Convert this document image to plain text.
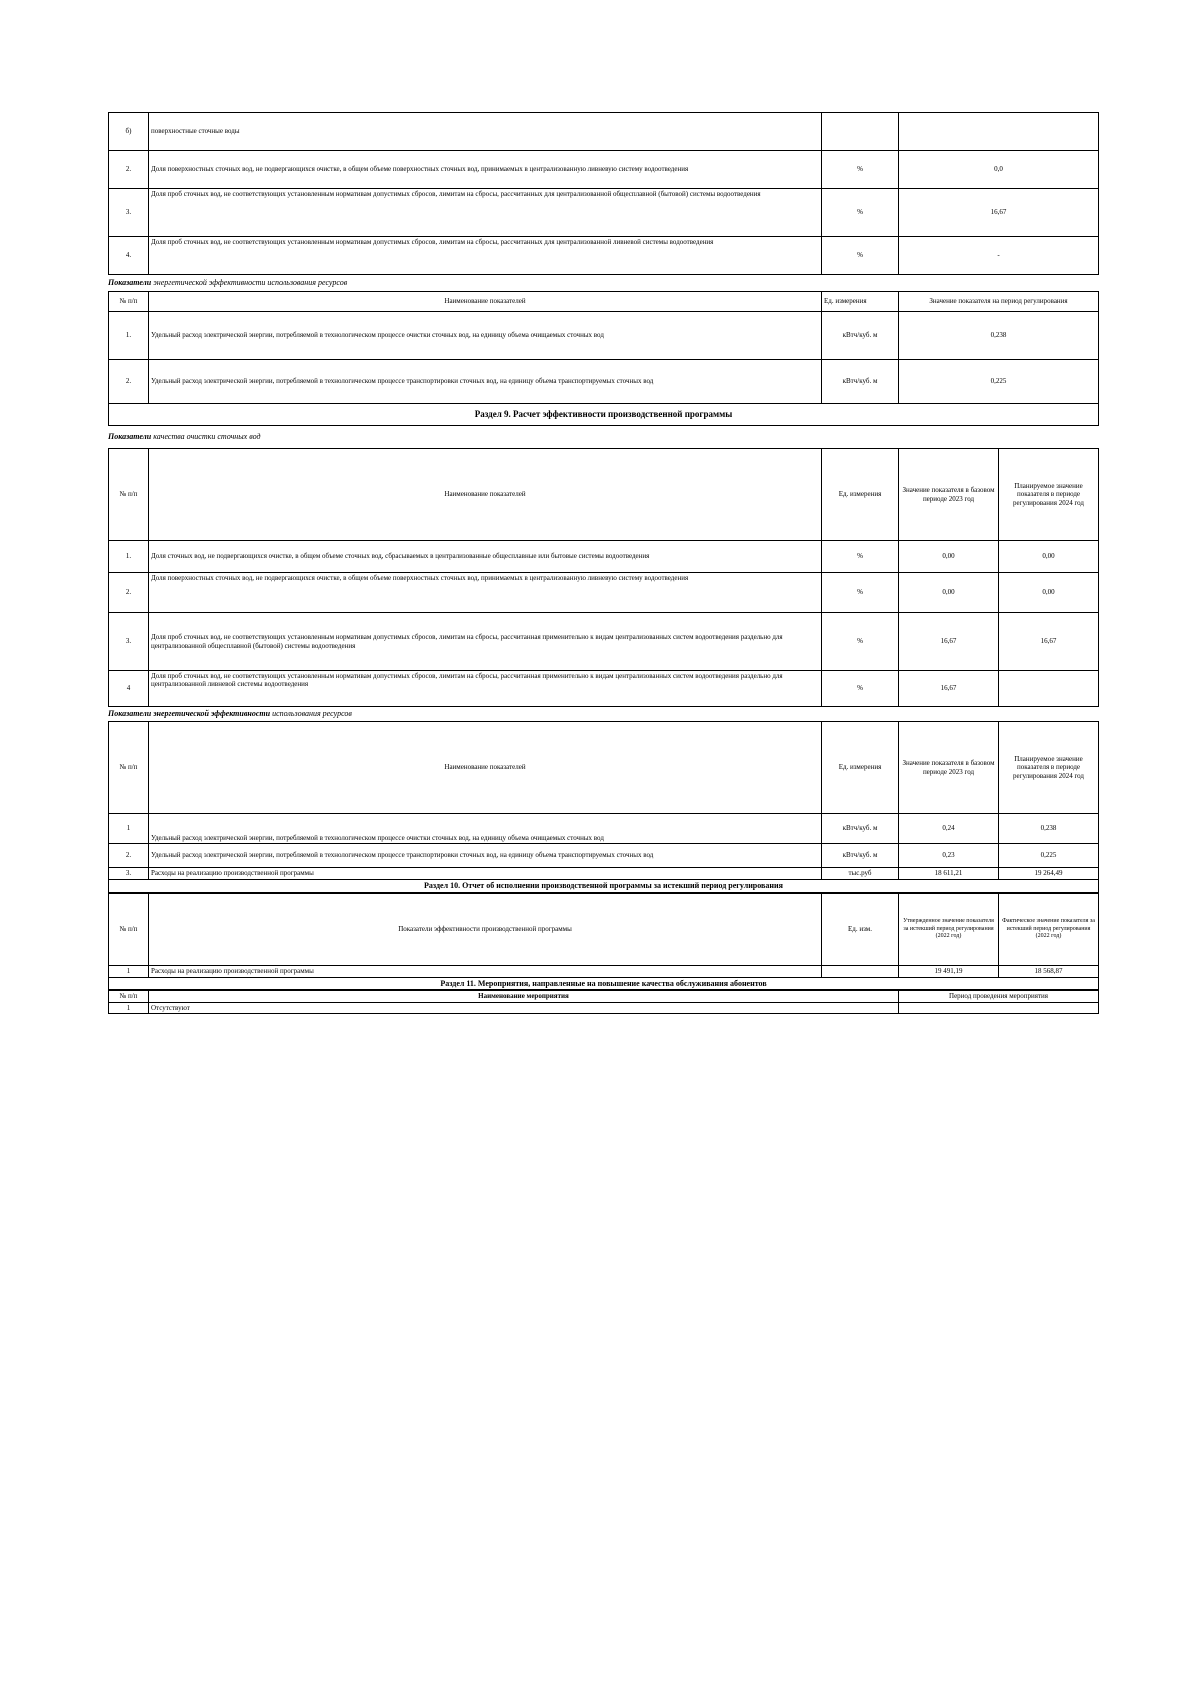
б)	поверхностные сточные воды		
2.	Доля поверхностных сточных вод, не подвергающихся очистке, в общем объеме поверхностных сточных вод, принимаемых в централизованную ливневую систему водоотведения	%	0,0
3.	Доля проб сточных вод, не соответствующих установленным нормативам допустимых сбросов, лимитам на сбросы, рассчитанных для централизованной общесплавной (бытовой) системы водоотведения	%	16,67
4.	Доля проб сточных вод, не соответствующих установленным нормативам допустимых сбросов, лимитам на сбросы, рассчитанных для централизованной ливневой системы водоотведения	%	-
Показатели энергетической эффективности использования ресурсов
№ п/п	Наименование показателей	Ед. измерения	Значение показателя на период регулирования
1.	Удельный расход электрической энергии, потребляемой в технологическом процессе очистки сточных вод, на единицу объема очищаемых сточных вод	кВтч/куб. м	0,238
2.	Удельный расход электрической энергии, потребляемой в технологическом процессе транспортировки сточных вод, на единицу объема транспортируемых сточных вод	кВтч/куб. м	0,225
Раздел 9. Расчет эффективности производственной программы			
Показатели качества очистки сточных вод
№ п/п	Наименование показателей	Ед. измерения	Значение показателя в базовом периоде 2023 год	Планируемое значение показателя в периоде регулирования 2024 год
1.	Доля сточных вод, не подвергающихся очистке, в общем объеме сточных вод, сбрасываемых в централизованные общесплавные или бытовые системы водоотведения	%	0,00	0,00
2.	Доля поверхностных сточных вод, не подвергающихся очистке, в общем объеме поверхностных сточных вод, принимаемых в централизованную ливневую систему водоотведения	%	0,00	0,00
3.	Доля проб сточных вод, не соответствующих установленным нормативам допустимых сбросов, лимитам на сбросы, рассчитанная применительно к видам централизованных систем водоотведения раздельно для централизованной общесплавной (бытовой) системы водоотведения	%	16,67	16,67
4	Доля проб сточных вод, не соответствующих установленным нормативам допустимых сбросов, лимитам на сбросы, рассчитанная применительно к видам централизованных систем водоотведения раздельно для централизованной ливневой системы водоотведения	%	16,67	
Показатели энергетической эффективности использования ресурсов
№ п/п	Наименование показателей	Ед. измерения	Значение показателя в базовом периоде 2023 год	Планируемое значение показателя в периоде регулирования 2024 год
1	Удельный расход электрической энергии, потребляемой в технологическом процессе очистки сточных вод, на единицу объема очищаемых сточных вод	кВтч/куб. м	0,24	0,238
2.	Удельный расход электрической энергии, потребляемой в технологическом процессе транспортировки сточных вод, на единицу объема транспортируемых сточных вод	кВтч/куб. м	0,23	0,225
3.	Расходы на реализацию производственной программы	тыс.руб	18 611,21	19 264,49
Раздел 10. Отчет об исполнении производственной программы за истекший период регулирования				
№ п/п	Показатели эффективности производственной программы	Ед. изм.	Утвержденное значение показателя за истекший период регулирования (2022 год)	Фактическое значение показателя за истекший период регулирования (2022 год)
1	Расходы на реализацию производственной программы		19 491,19	18 568,87
Раздел 11. Мероприятия, направленные на повышение качества обслуживания абонентов				
№ п/п	Наименование мероприятия	Период проведения мероприятия
1	Отсутствуют	
